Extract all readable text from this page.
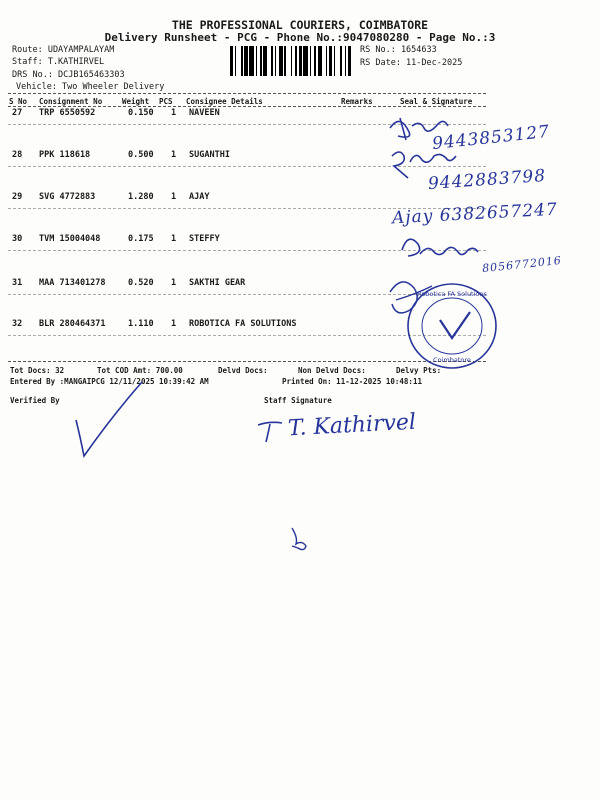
THE PROFESSIONAL COURIERS, COIMBATORE
Delivery Runsheet - PCG - Phone No.:9047080280 - Page No.:3
Route: UDAYAMPALAYAM
Staff: T.KATHIRVEL
DRS No.: DCJB165463303
Vehicle: Two Wheeler Delivery
RS No.: 1654633
RS Date: 11-Dec-2025
S No Consignment No	Weight PCS Consignee Details	Remarks	Seal & Signature
27 TRP 6550592	0.150 1 NAVEEN
28 PPK 118618	0.500 1 SUGANTHI
29 SVG 4772883	1.280 1 AJAY
30 TVM 15004048	0.175 1 STEFFY
31 MAA 713401278	0.520 1 SAKTHI GEAR
32 BLR 280464371	1.110 1 ROBOTICA FA SOLUTIONS
Tot Docs: 32	Tot COD Amt: 700.00	Delvd Docs:	Non Delvd Docs:	Delvy Pts:
Entered By :MANGAIPCG 12/11/2025 10:39:42 AM	Printed On: 11-12-2025 10:48:11
Verified By	Staff Signature
Robotica FA Solutions
Coimbatore
9443853127
9442883798
Ajay 6382657247
8056772016
T. Kathirvel
